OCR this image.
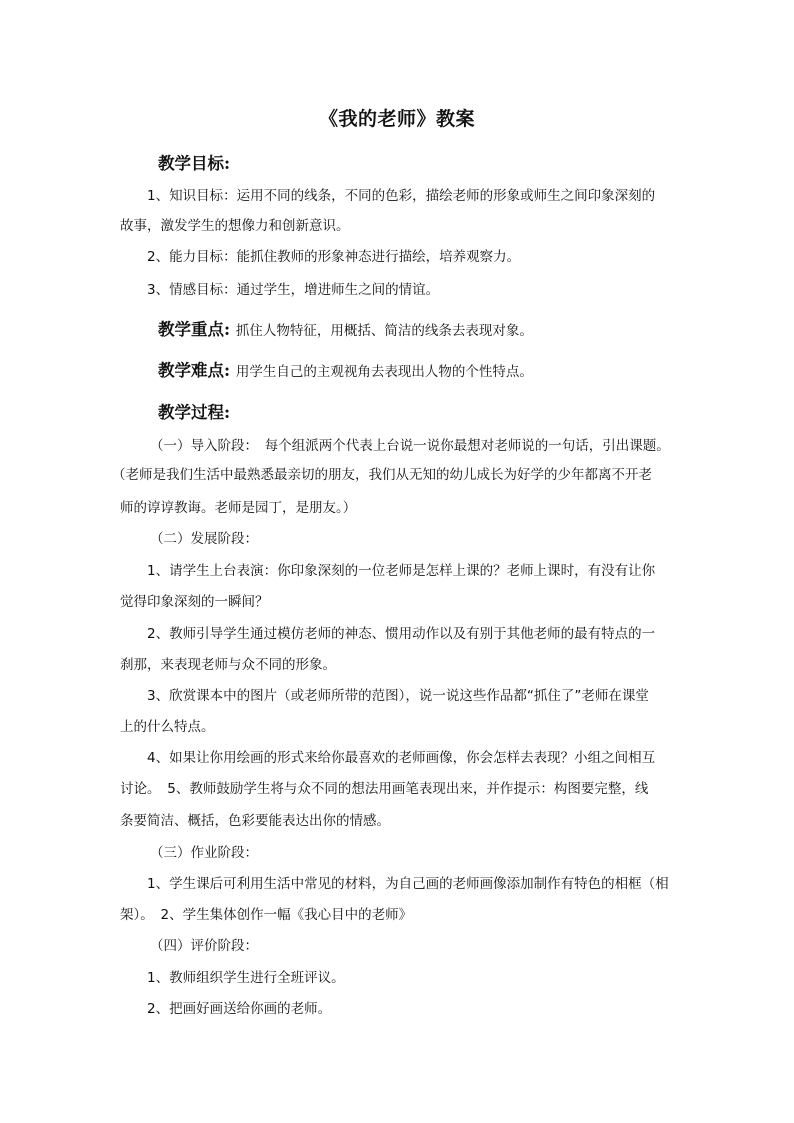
《我的老师》教案
教学目标:
1、知识目标：运用不同的线条，不同的色彩，描绘老师的形象或师生之间印象深刻的
故事，激发学生的想像力和创新意识。
2、能力目标：能抓住教师的形象神态进行描绘，培养观察力。
3、情感目标：通过学生，增进师生之间的情谊。
教学重点: 抓住人物特征，用概括、简洁的线条去表现对象。
教学难点: 用学生自己的主观视角去表现出人物的个性特点。
教学过程:
（一）导入阶段：　每个组派两个代表上台说一说你最想对老师说的一句话，引出课题。
（老师是我们生活中最熟悉最亲切的朋友，我们从无知的幼儿成长为好学的少年都离不开老
师的谆谆教诲。老师是园丁，是朋友。）
（二）发展阶段：
1、请学生上台表演：你印象深刻的一位老师是怎样上课的？老师上课时，有没有让你
觉得印象深刻的一瞬间？
2、教师引导学生通过模仿老师的神态、惯用动作以及有别于其他老师的最有特点的一
刹那，来表现老师与众不同的形象。
3、欣赏课本中的图片（或老师所带的范图），说一说这些作品都“抓住了”老师在课堂
上的什么特点。
4、如果让你用绘画的形式来给你最喜欢的老师画像，你会怎样去表现？小组之间相互
讨论。　5、教师鼓励学生将与众不同的想法用画笔表现出来，并作提示：构图要完整，线
条要简洁、概括，色彩要能表达出你的情感。
（三）作业阶段：
1、学生课后可利用生活中常见的材料，为自己画的老师画像添加制作有特色的相框（相
架）。　2、学生集体创作一幅《我心目中的老师》
（四）评价阶段：
1、教师组织学生进行全班评议。
2、把画好画送给你画的老师。
